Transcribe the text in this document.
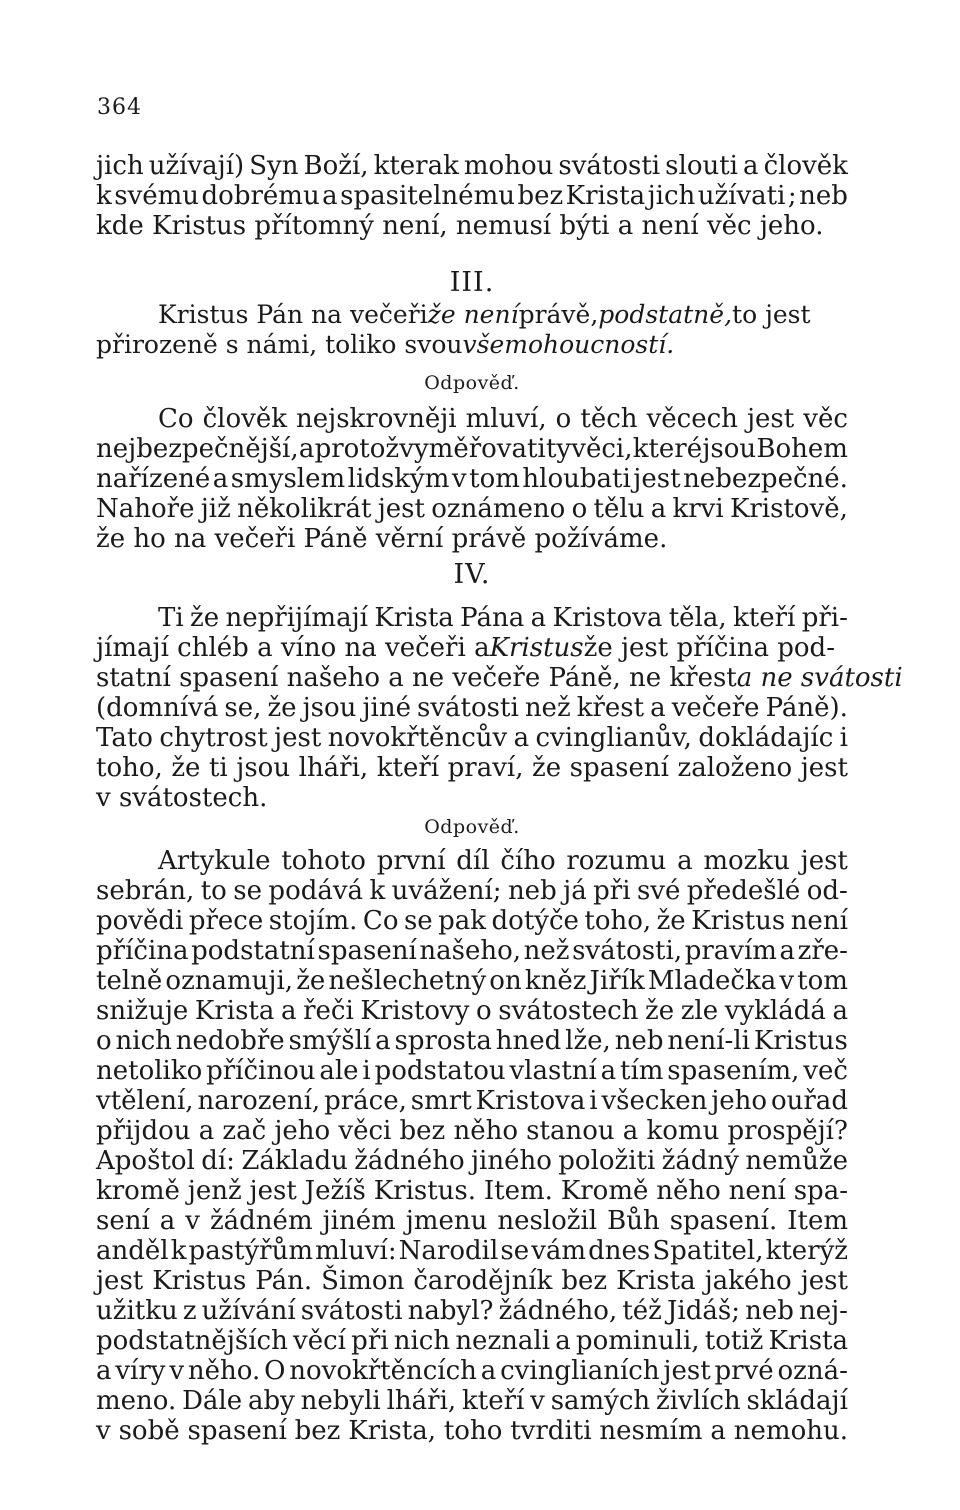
364
jich užívají) Syn Boží, kterak mohou svátosti slouti a člověk
k svému dobrému a spasitelnému bez Krista jich užívati ; neb
kde Kristus přítomný není, nemusí býti a není věc jeho.
III.
Kristus Pán na večeři že není právě, podstatně, to jest
přirozeně s námi, toliko svou všemohoucností.
Odpověď.
Co člověk nejskrovněji mluví, o těch věcech jest věc
nejbezpečnější, a protož vyměřovati ty věci, které jsou Bohem
nařízené a smyslem lidským v tom hloubati jest nebezpečné.
Nahoře již několikrát jest oznámeno o tělu a krvi Kristově,
že ho na večeři Páně věrní právě požíváme.
IV.
Ti že nepřijímají Krista Pána a Kristova těla, kteří při-
jímají chléb a víno na večeři a Kristus že jest příčina pod-
statní spasení našeho a ne večeře Páně, ne křest a ne svátosti
(domnívá se, že jsou jiné svátosti než křest a večeře Páně).
Tato chytrost jest novokřtěncův a cvinglianův, dokládajíc i
toho, že ti jsou lháři, kteří praví, že spasení založeno jest
v svátostech.
Odpověď.
Artykule tohoto první díl čího rozumu a mozku jest
sebrán, to se podává k uvážení; neb já při své předešlé od-
povědi přece stojím. Co se pak dotýče toho, že Kristus není
příčina podstatní spasení našeho, než svátosti, pravím a zře-
telně oznamuji, že nešlechetný on kněz Jiřík Mladečka v tom
snižuje Krista a řeči Kristovy o svátostech že zle vykládá a
o nich nedobře smýšlí a sprosta hned lže, neb není-li Kristus
netoliko příčinou ale i podstatou vlastní a tím spasením, več
vtělení, narození, práce, smrt Kristova i všecken jeho ouřad
přijdou a zač jeho věci bez něho stanou a komu prospějí?
Apoštol dí: Základu žádného jiného položiti žádný nemůže
kromě jenž jest Ježíš Kristus. Item. Kromě něho není spa-
sení a v žádném jiném jmenu nesložil Bůh spasení. Item
anděl k pastýřům mluví: Narodil se vám dnes Spatitel, kterýž
jest Kristus Pán. Šimon čarodějník bez Krista jakého jest
užitku z užívání svátosti nabyl? žádného, též Jidáš; neb nej-
podstatnějších věcí při nich neznali a pominuli, totiž Krista
a víry v něho. O novokřtěncích a cvinglianích jest prvé ozná-
meno. Dále aby nebyli lháři, kteří v samých živlích skládají
v sobě spasení bez Krista, toho tvrditi nesmím a nemohu.
